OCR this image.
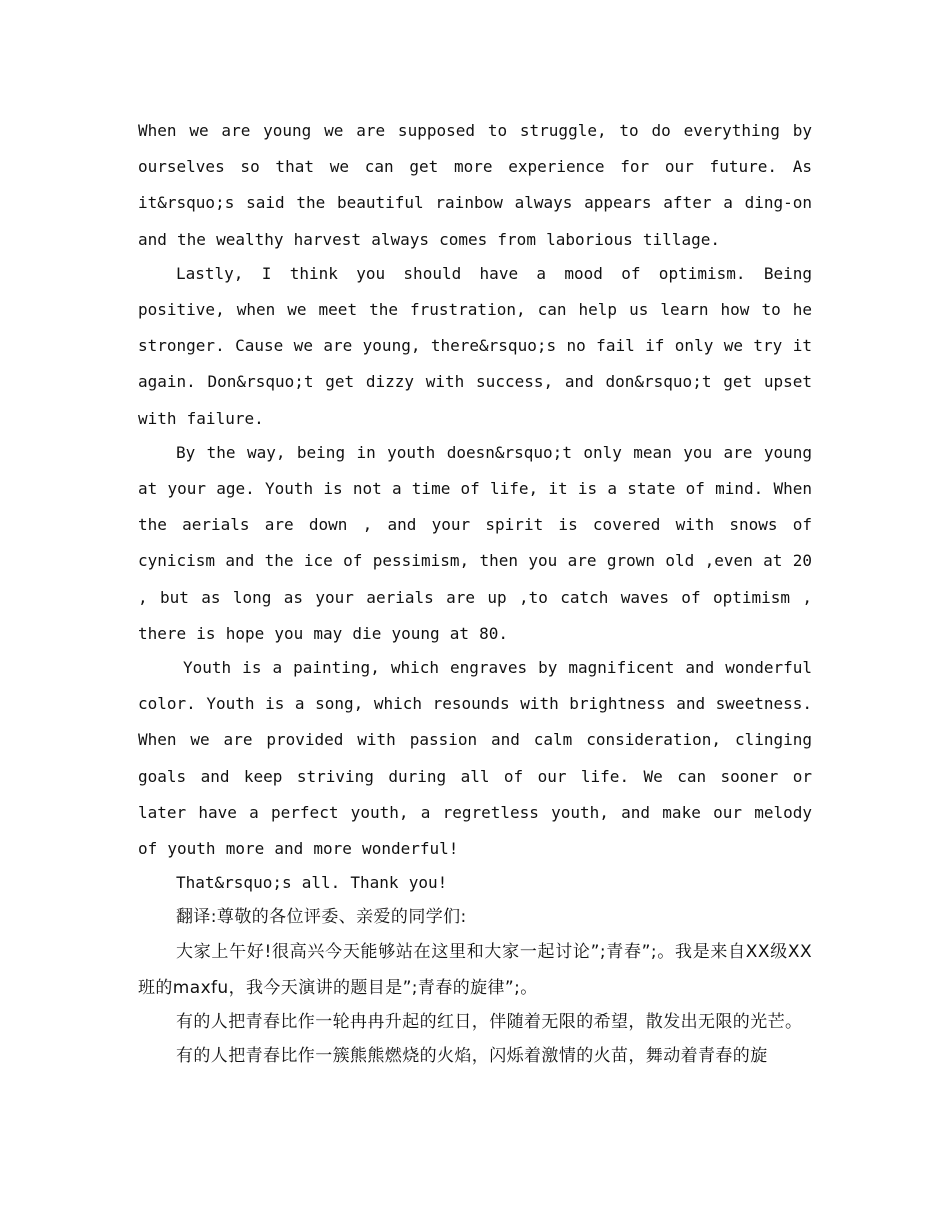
When we are young we are supposed to struggle, to do everything by ourselves so that we can get more experience for our future. As it&rsquo;s said the beautiful rainbow always appears after a ding-on and the wealthy harvest always comes from laborious tillage.

Lastly, I think you should have a mood of optimism. Being positive, when we meet the frustration, can help us learn how to he stronger. Cause we are young, there&rsquo;s no fail if only we try it again. Don&rsquo;t get dizzy with success, and don&rsquo;t get upset with failure.

By the way, being in youth doesn&rsquo;t only mean you are young at your age. Youth is not a time of life, it is a state of mind. When the aerials are down , and your spirit is covered with snows of cynicism and the ice of pessimism, then you are grown old ,even at 20 , but as long as your aerials are up ,to catch waves of optimism , there is hope you may die young at 80.

Youth is a painting, which engraves by magnificent and wonderful color. Youth is a song, which resounds with brightness and sweetness. When we are provided with passion and calm consideration, clinging goals and keep striving during all of our life. We can sooner or later have a perfect youth, a regretless youth, and make our melody of youth more and more wonderful!

That&rsquo;s all. Thank you!

翻译:尊敬的各位评委、亲爱的同学们:

大家上午好!很高兴今天能够站在这里和大家一起讨论”;青春”;。我是来自XX级XX班的maxfu，我今天演讲的题目是”;青春的旋律”;。

有的人把青春比作一轮冉冉升起的红日，伴随着无限的希望，散发出无限的光芒。

有的人把青春比作一簇熊熊燃烧的火焰，闪烁着激情的火苗，舞动着青春的旋
